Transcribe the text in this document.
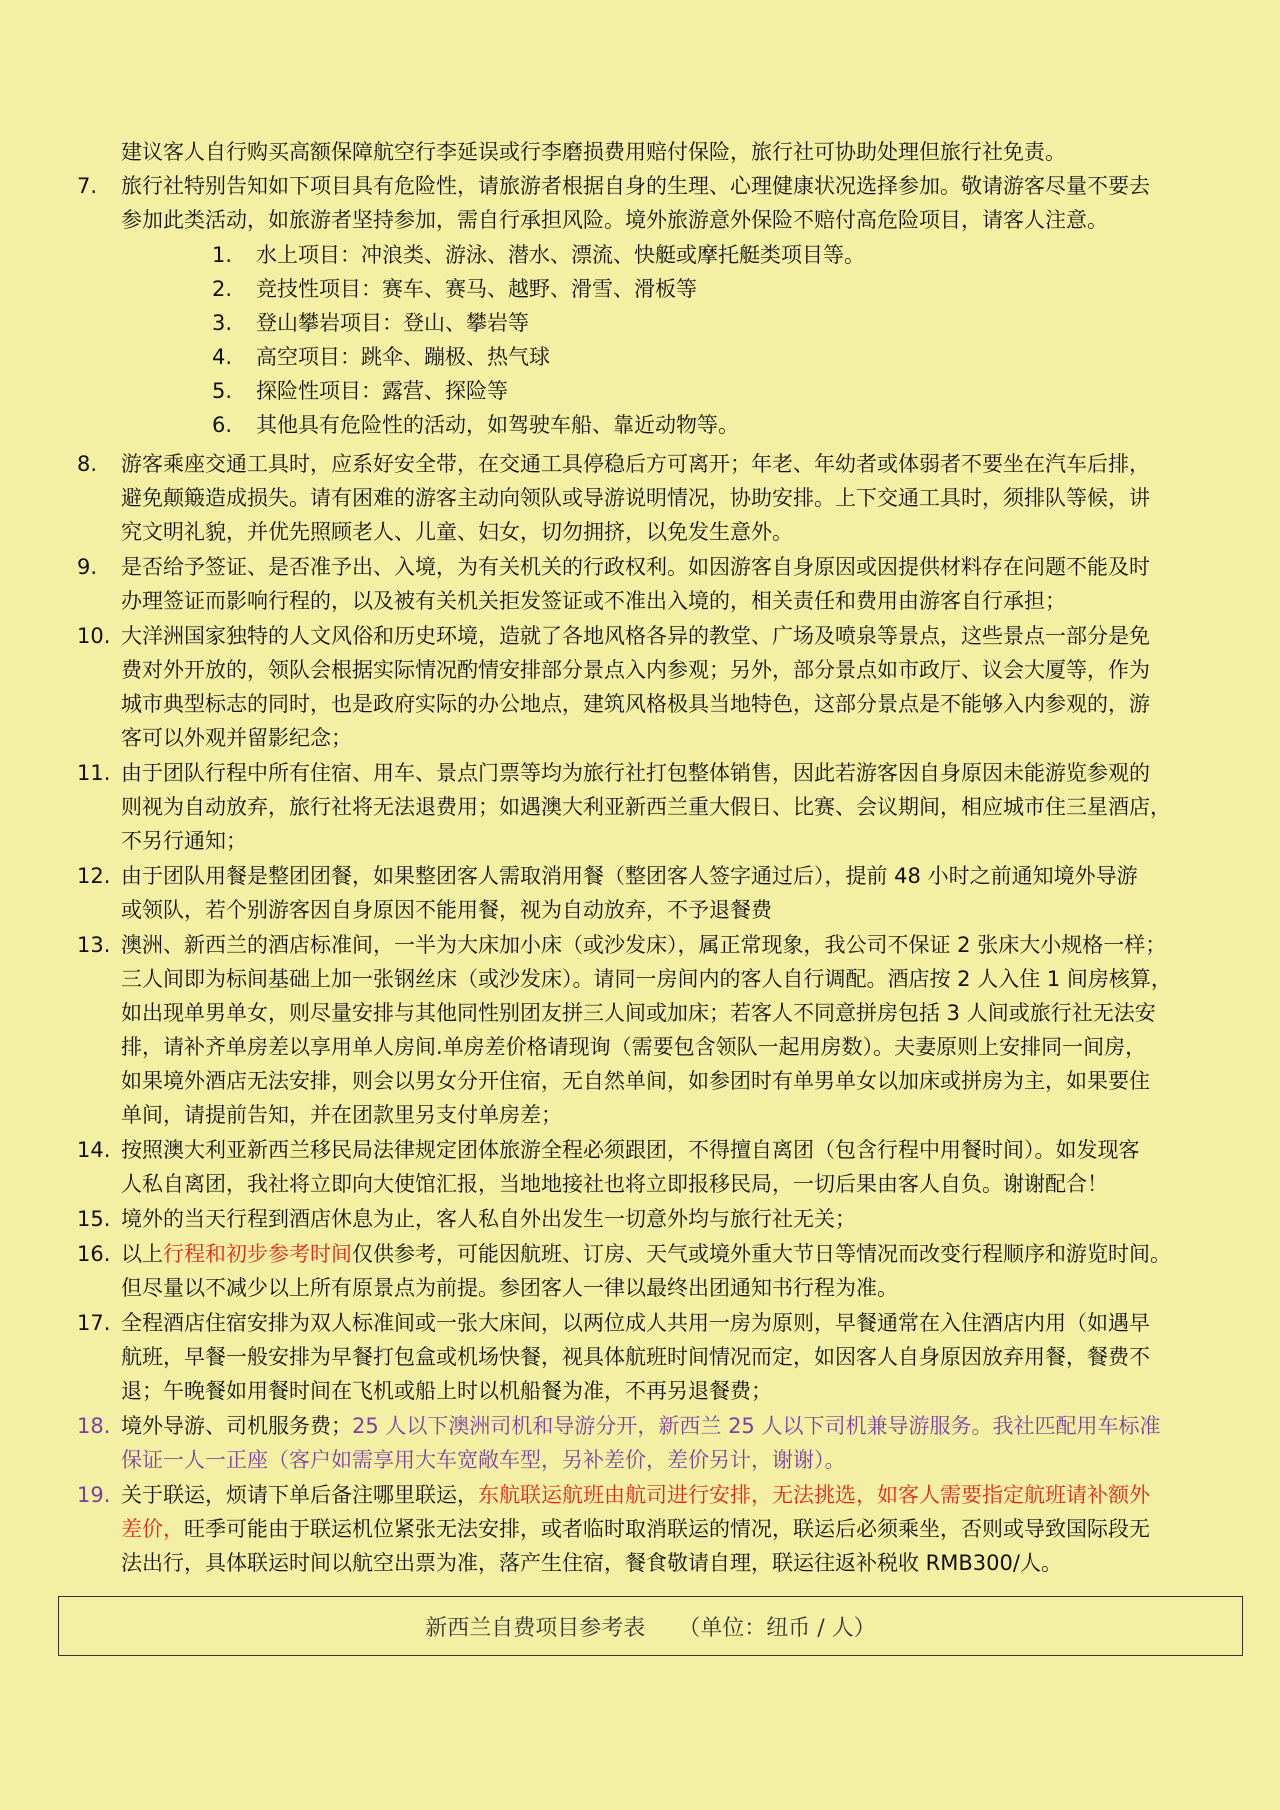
建议客人自行购买高额保障航空行李延误或行李磨损费用赔付保险，旅行社可协助处理但旅行社免责。
7. 旅行社特别告知如下项目具有危险性，请旅游者根据自身的生理、心理健康状况选择参加。敬请游客尽量不要去
参加此类活动，如旅游者坚持参加，需自行承担风险。境外旅游意外保险不赔付高危险项目，请客人注意。
1. 水上项目：冲浪类、游泳、潜水、漂流、快艇或摩托艇类项目等。
2. 竞技性项目：赛车、赛马、越野、滑雪、滑板等
3. 登山攀岩项目：登山、攀岩等
4. 高空项目：跳伞、蹦极、热气球
5. 探险性项目：露营、探险等
6. 其他具有危险性的活动，如驾驶车船、靠近动物等。
8. 游客乘座交通工具时，应系好安全带，在交通工具停稳后方可离开；年老、年幼者或体弱者不要坐在汽车后排，
避免颠簸造成损失。请有困难的游客主动向领队或导游说明情况，协助安排。上下交通工具时，须排队等候，讲
究文明礼貌，并优先照顾老人、儿童、妇女，切勿拥挤，以免发生意外。
9. 是否给予签证、是否准予出、入境，为有关机关的行政权利。如因游客自身原因或因提供材料存在问题不能及时
办理签证而影响行程的，以及被有关机关拒发签证或不准出入境的，相关责任和费用由游客自行承担；
10. 大洋洲国家独特的人文风俗和历史环境，造就了各地风格各异的教堂、广场及喷泉等景点，这些景点一部分是免
费对外开放的，领队会根据实际情况酌情安排部分景点入内参观；另外，部分景点如市政厅、议会大厦等，作为
城市典型标志的同时，也是政府实际的办公地点，建筑风格极具当地特色，这部分景点是不能够入内参观的，游
客可以外观并留影纪念；
11. 由于团队行程中所有住宿、用车、景点门票等均为旅行社打包整体销售，因此若游客因自身原因未能游览参观的
则视为自动放弃，旅行社将无法退费用；如遇澳大利亚新西兰重大假日、比赛、会议期间，相应城市住三星酒店，
不另行通知；
12. 由于团队用餐是整团团餐，如果整团客人需取消用餐（整团客人签字通过后），提前 48 小时之前通知境外导游
或领队，若个别游客因自身原因不能用餐，视为自动放弃，不予退餐费
13. 澳洲、新西兰的酒店标准间，一半为大床加小床（或沙发床），属正常现象，我公司不保证 2 张床大小规格一样；
三人间即为标间基础上加一张钢丝床（或沙发床）。请同一房间内的客人自行调配。酒店按 2 人入住 1 间房核算，
如出现单男单女，则尽量安排与其他同性别团友拼三人间或加床；若客人不同意拼房包括 3 人间或旅行社无法安
排，请补齐单房差以享用单人房间.单房差价格请现询（需要包含领队一起用房数）。夫妻原则上安排同一间房，
如果境外酒店无法安排，则会以男女分开住宿，无自然单间，如参团时有单男单女以加床或拼房为主，如果要住
单间，请提前告知，并在团款里另支付单房差；
14. 按照澳大利亚新西兰移民局法律规定团体旅游全程必须跟团，不得擅自离团（包含行程中用餐时间）。如发现客
人私自离团，我社将立即向大使馆汇报，当地地接社也将立即报移民局，一切后果由客人自负。谢谢配合！
15. 境外的当天行程到酒店休息为止，客人私自外出发生一切意外均与旅行社无关；
16. 以上行程和初步参考时间仅供参考，可能因航班、订房、天气或境外重大节日等情况而改变行程顺序和游览时间。
但尽量以不减少以上所有原景点为前提。参团客人一律以最终出团通知书行程为准。
17. 全程酒店住宿安排为双人标准间或一张大床间，以两位成人共用一房为原则，早餐通常在入住酒店内用（如遇早
航班，早餐一般安排为早餐打包盒或机场快餐，视具体航班时间情况而定，如因客人自身原因放弃用餐，餐费不
退；午晚餐如用餐时间在飞机或船上时以机船餐为准，不再另退餐费；
18. 境外导游、司机服务费；25 人以下澳洲司机和导游分开，新西兰 25 人以下司机兼导游服务。我社匹配用车标准
保证一人一正座（客户如需享用大车宽敞车型，另补差价，差价另计，谢谢）。
19. 关于联运，烦请下单后备注哪里联运，东航联运航班由航司进行安排，无法挑选，如客人需要指定航班请补额外
差价，旺季可能由于联运机位紧张无法安排，或者临时取消联运的情况，联运后必须乘坐，否则或导致国际段无
法出行，具体联运时间以航空出票为准，落产生住宿，餐食敬请自理，联运往返补税收 RMB300/人。
新西兰自费项目参考表　　（单位：纽币 / 人）
